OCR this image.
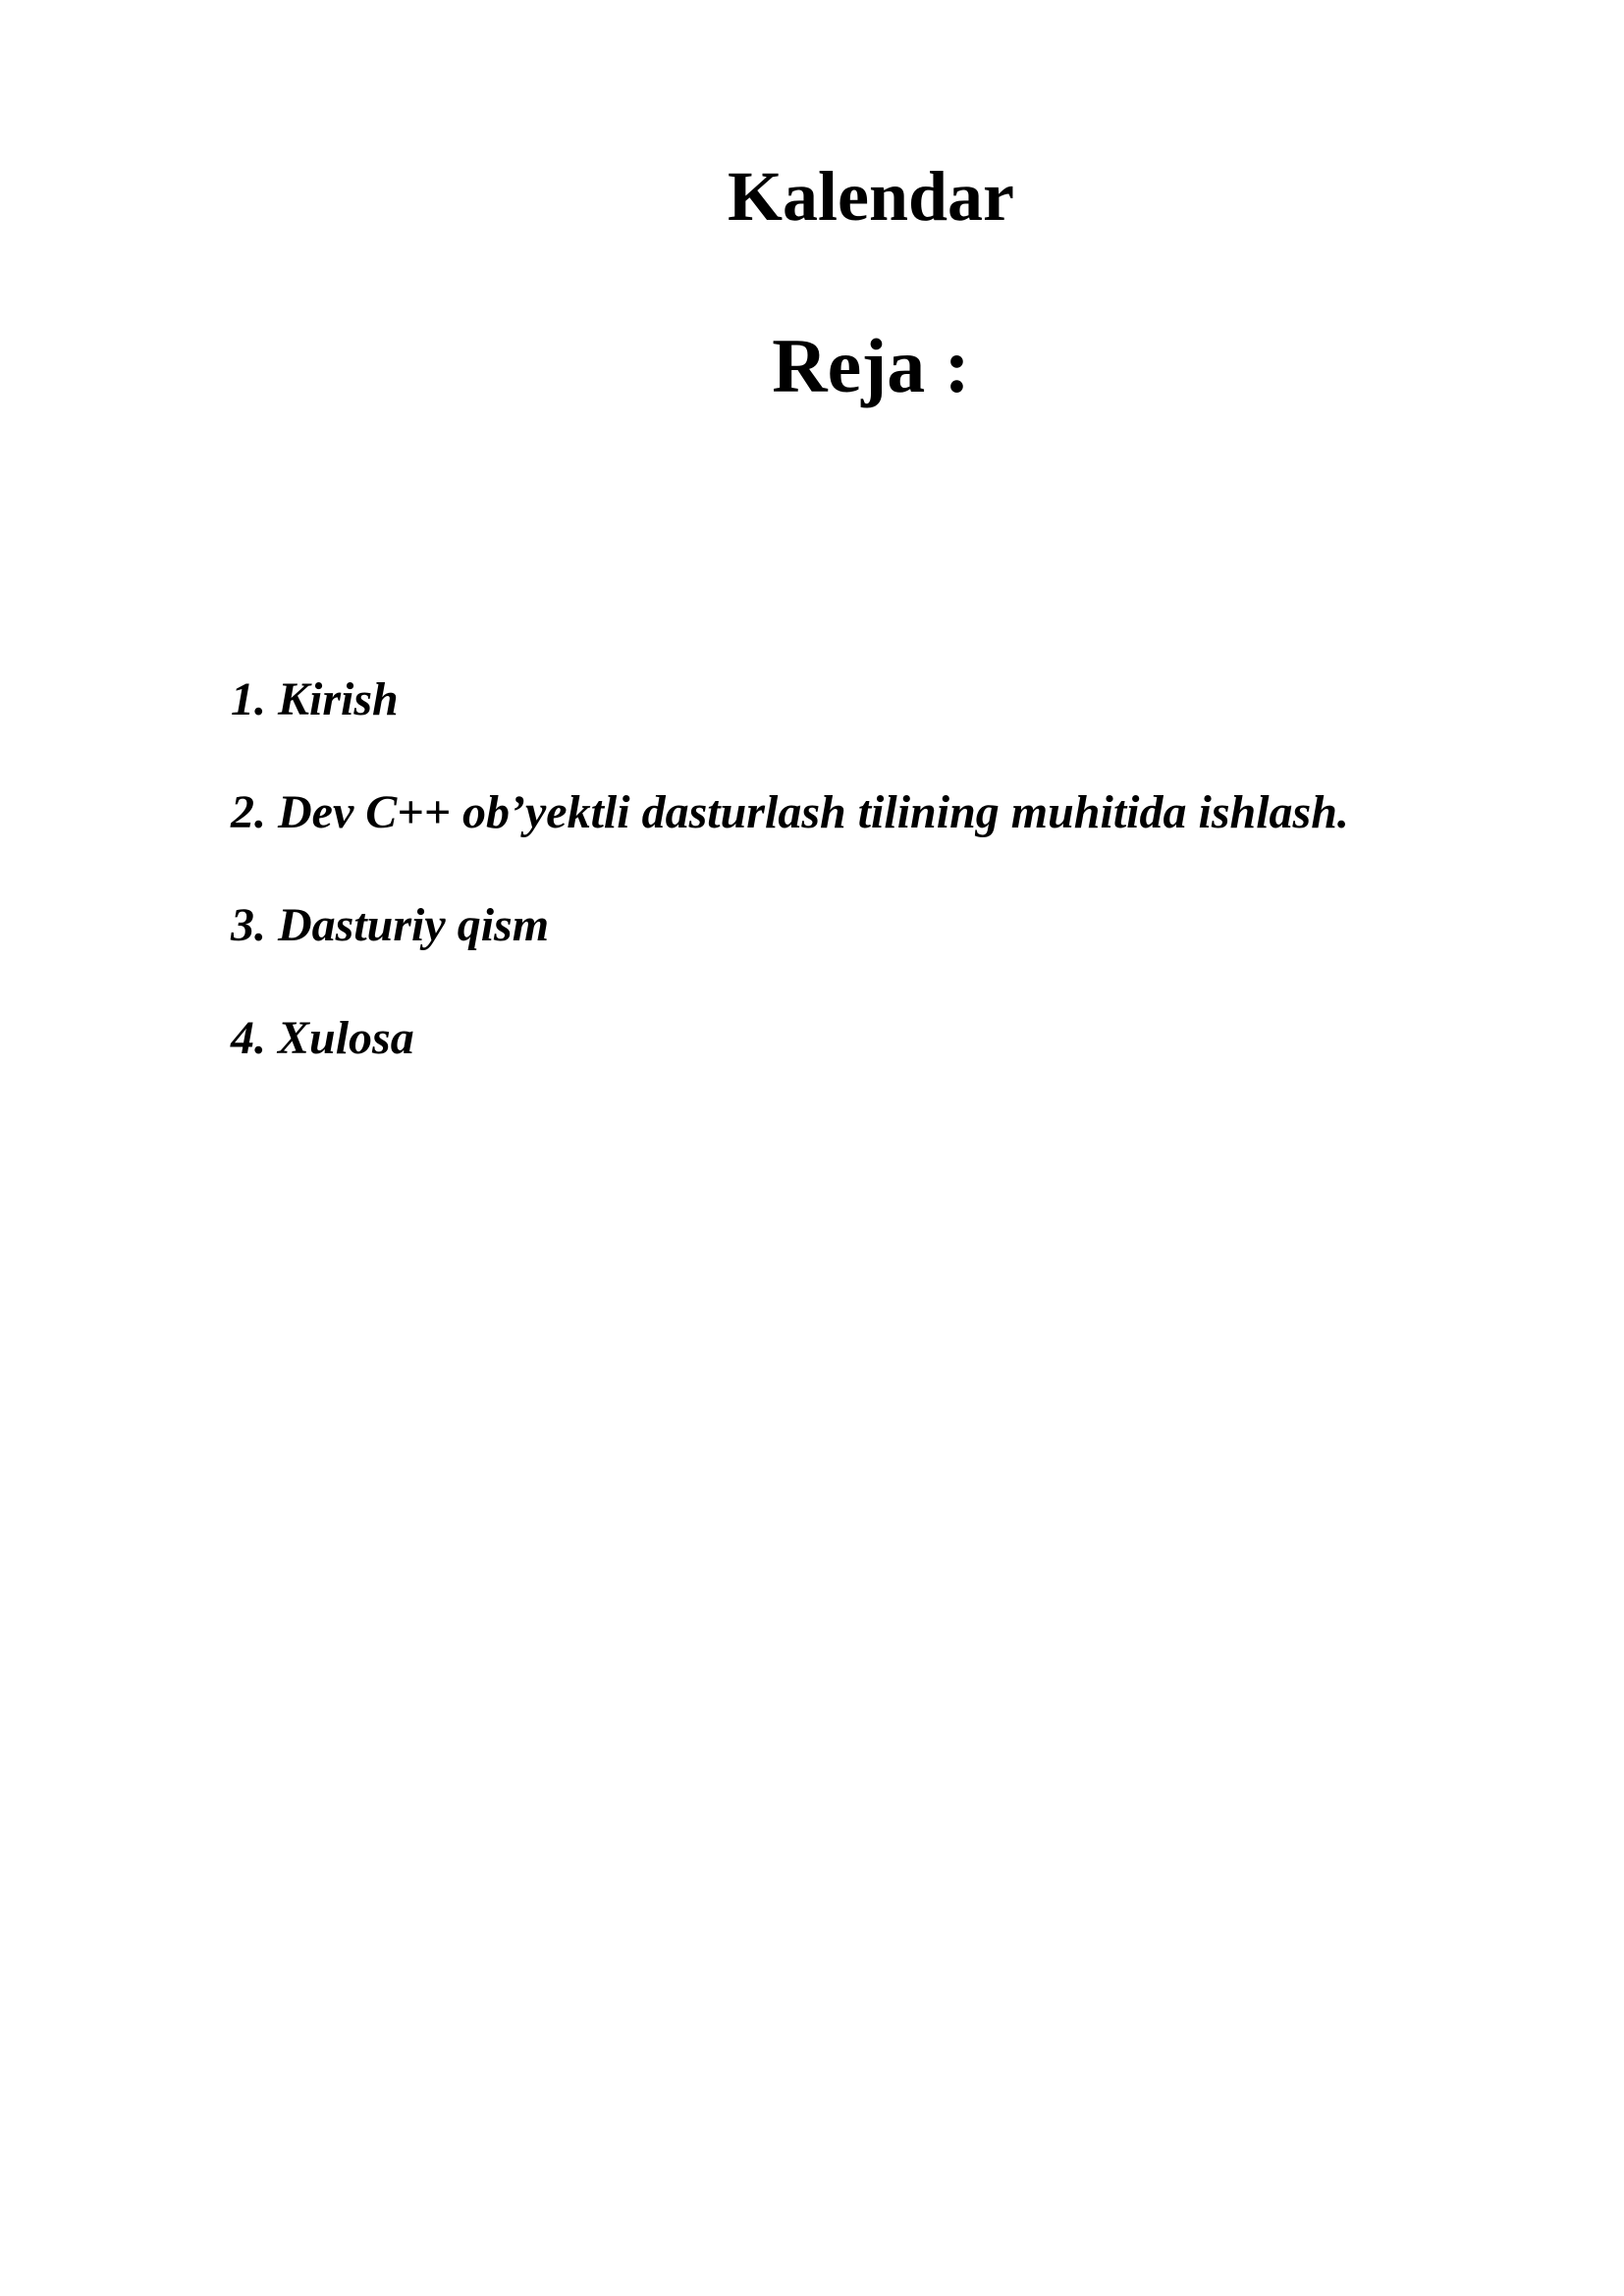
Kalendar
Reja :
1. Kirish
2. Dev C++ ob’yektli dasturlash tilining muhitida ishlash.
3. Dasturiy qism
4. Xulosa
